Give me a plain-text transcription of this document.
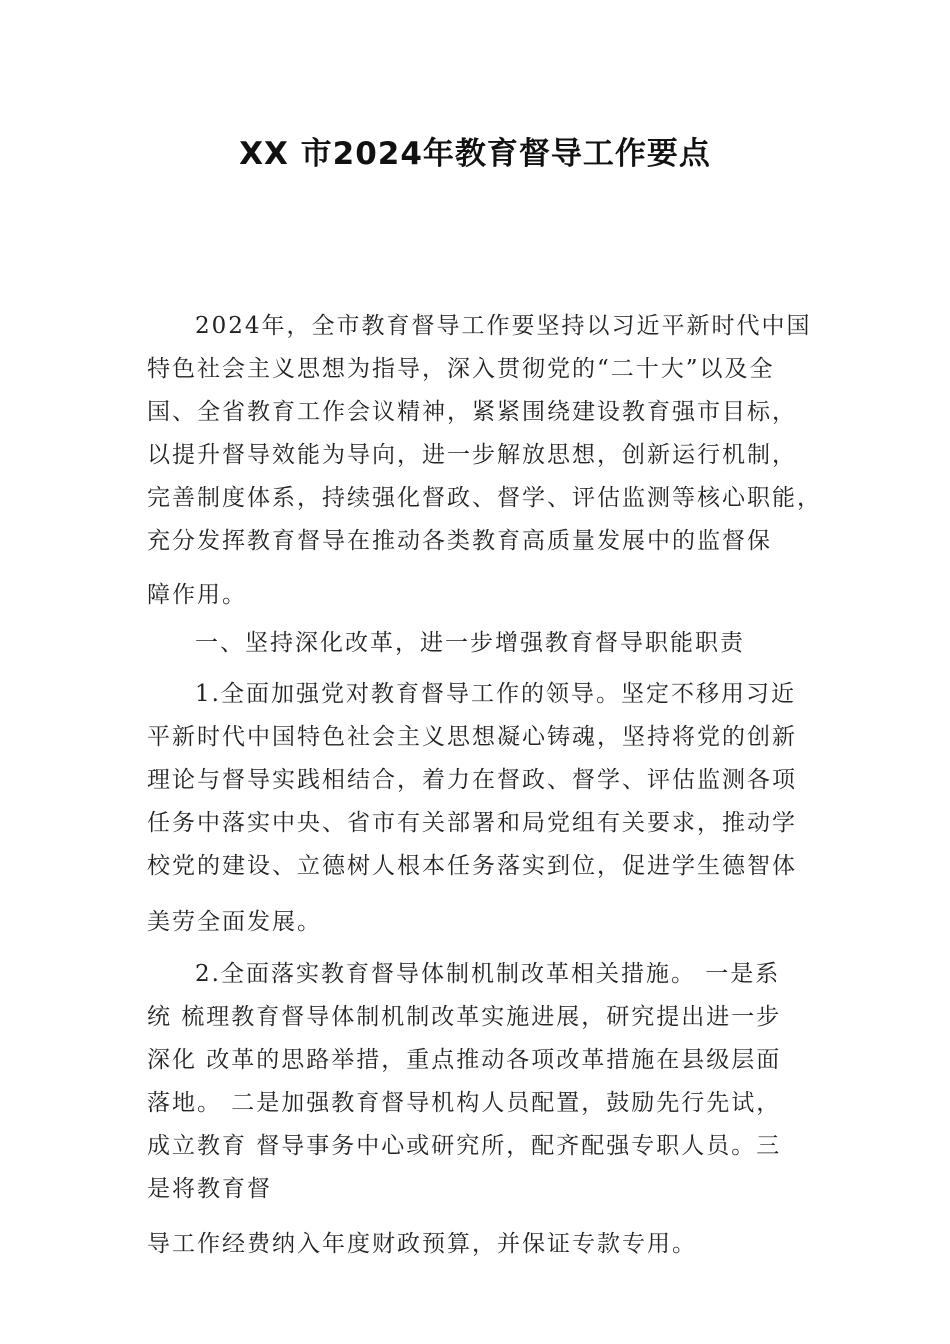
XX 市2024年教育督导工作要点
2024年，全市教育督导工作要坚持以习近平新时代中国
特色社会主义思想为指导，深入贯彻党的“二十大”以及全
国、全省教育工作会议精神，紧紧围绕建设教育强市目标，
以提升督导效能为导向，进一步解放思想，创新运行机制，
完善制度体系，持续强化督政、督学、评估监测等核心职能，
充分发挥教育督导在推动各类教育高质量发展中的监督保
障作用。
一、坚持深化改革，进一步增强教育督导职能职责
1.全面加强党对教育督导工作的领导。坚定不移用习近
平新时代中国特色社会主义思想凝心铸魂，坚持将党的创新
理论与督导实践相结合，着力在督政、督学、评估监测各项
任务中落实中央、省市有关部署和局党组有关要求，推动学
校党的建设、立德树人根本任务落实到位，促进学生德智体
美劳全面发展。
2.全面落实教育督导体制机制改革相关措施。 一是系
统 梳理教育督导体制机制改革实施进展，研究提出进一步
深化 改革的思路举措，重点推动各项改革措施在县级层面
落地。 二是加强教育督导机构人员配置，鼓励先行先试，
成立教育 督导事务中心或研究所，配齐配强专职人员。三
是将教育督
导工作经费纳入年度财政预算，并保证专款专用。
